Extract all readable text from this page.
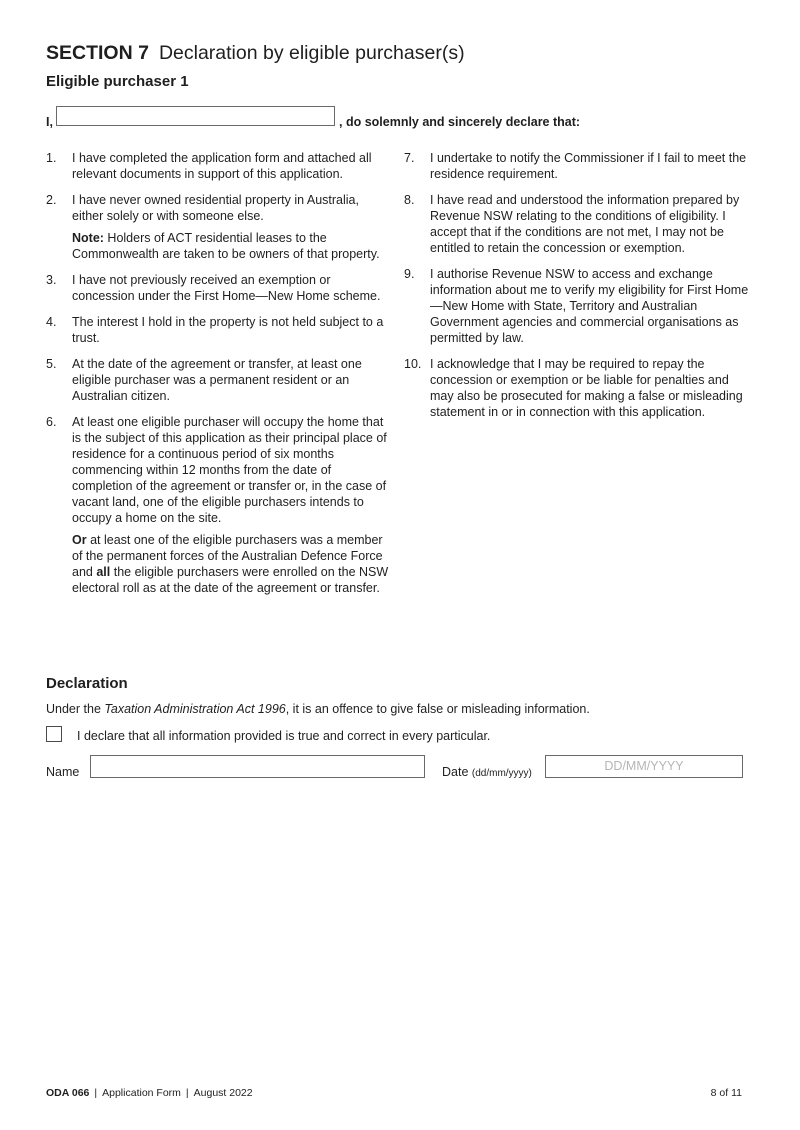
SECTION 7 Declaration by eligible purchaser(s)
Eligible purchaser 1
I,	, do solemnly and sincerely declare that:
1. I have completed the application form and attached all relevant documents in support of this application.

2. I have never owned residential property in Australia, either solely or with someone else.

Note: Holders of ACT residential leases to the Commonwealth are taken to be owners of that property.

3. I have not previously received an exemption or concession under the First Home—New Home scheme.

4. The interest I hold in the property is not held subject to a trust.

5. At the date of the agreement or transfer, at least one eligible purchaser was a permanent resident or an Australian citizen.

6. At least one eligible purchaser will occupy the home that is the subject of this application as their principal place of residence for a continuous period of six months commencing within 12 months from the date of completion of the agreement or transfer or, in the case of vacant land, one of the eligible purchasers intends to occupy a home on the site.

Or at least one of the eligible purchasers was a member of the permanent forces of the Australian Defence Force and all the eligible purchasers were enrolled on the NSW electoral roll as at the date of the agreement or transfer.

7. I undertake to notify the Commissioner if I fail to meet the residence requirement.

8. I have read and understood the information prepared by Revenue NSW relating to the conditions of eligibility. I accept that if the conditions are not met, I may not be entitled to retain the concession or exemption.

9. I authorise Revenue NSW to access and exchange information about me to verify my eligibility for First Home—New Home with State, Territory and Australian Government agencies and commercial organisations as permitted by law.

10. I acknowledge that I may be required to repay the concession or exemption or be liable for penalties and may also be prosecuted for making a false or misleading statement in or in connection with this application.

Declaration
Under the Taxation Administration Act 1996, it is an offence to give false or misleading information.
I declare that all information provided is true and correct in every particular.
Name	Date (dd/mm/yyyy)
DD/MM/YYYY
ODA 066 | Application Form | August 2022	8 of 11
